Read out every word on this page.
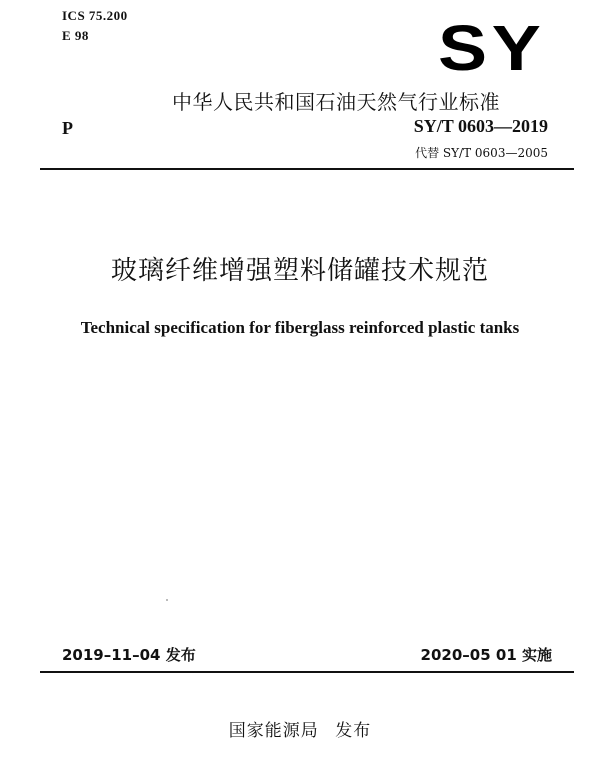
ICS 75.200
E 98	SY
中华人民共和国石油天然气行业标准
P	SY/T 0603—2019
代替 SY/T 0603—2005
玻璃纤维增强塑料储罐技术规范
Technical specification for fiberglass reinforced plastic tanks
2019–11–04 发布	2020–05 01 实施
国家能源局 发布
